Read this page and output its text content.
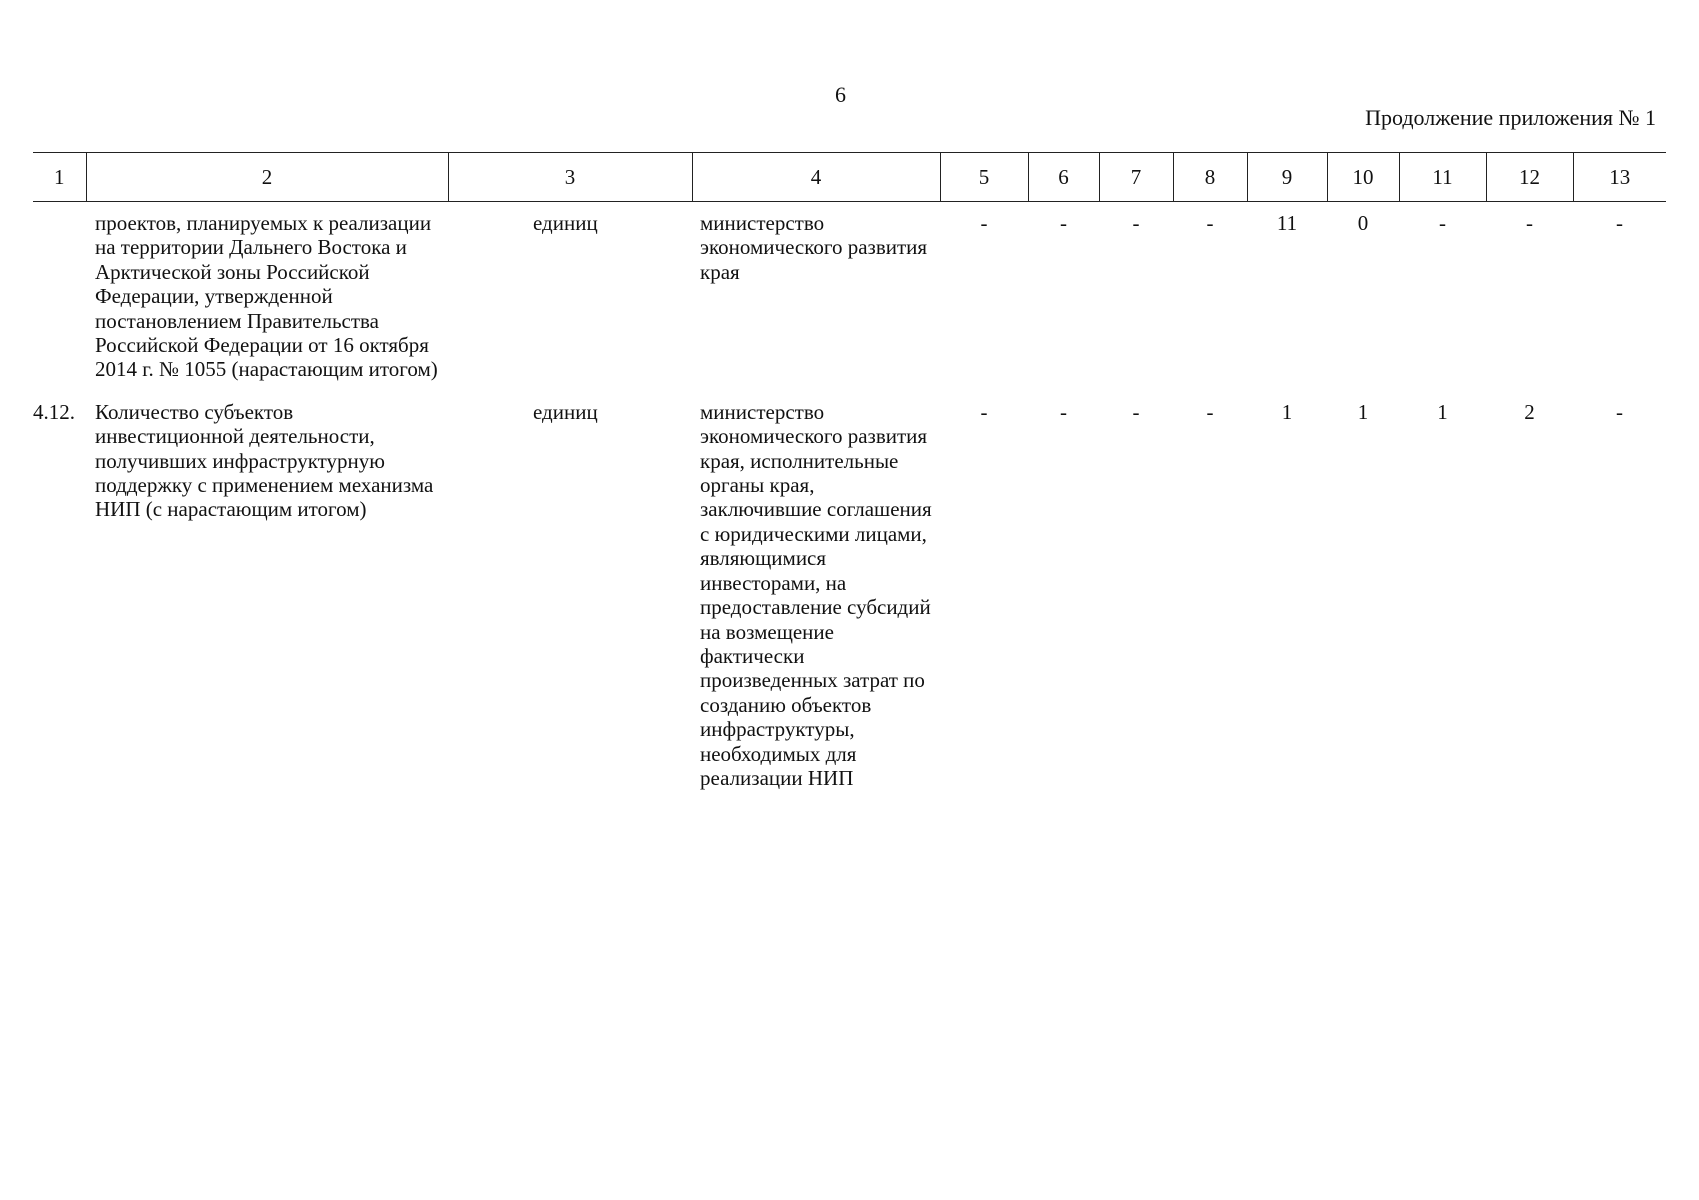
6
Продолжение приложения № 1
1	2	3	4	5	6	7	8	9	10	11	12	13
	проектов, планируемых к реализации на территории Дальнего Востока и Арктической зоны Российской Федерации, утвержденной постановлением Правительства Российской Федерации от 16 октября 2014 г. № 1055 (нарастающим итогом)	единиц	министерство экономического развития края	-	-	-	-	11	0	-	-	-
4.12.	Количество субъектов инвестиционной деятельности, получивших инфраструктурную поддержку с применением механизма НИП (с нарастающим итогом)	единиц	министерство экономического развития края, исполнительные органы края, заключившие соглашения с юридическими лицами, являющимися инвесторами, на предоставление субсидий на возмещение фактически произведенных затрат по созданию объектов инфраструктуры, необходимых для реализации НИП	-	-	-	-	1	1	1	2	-
